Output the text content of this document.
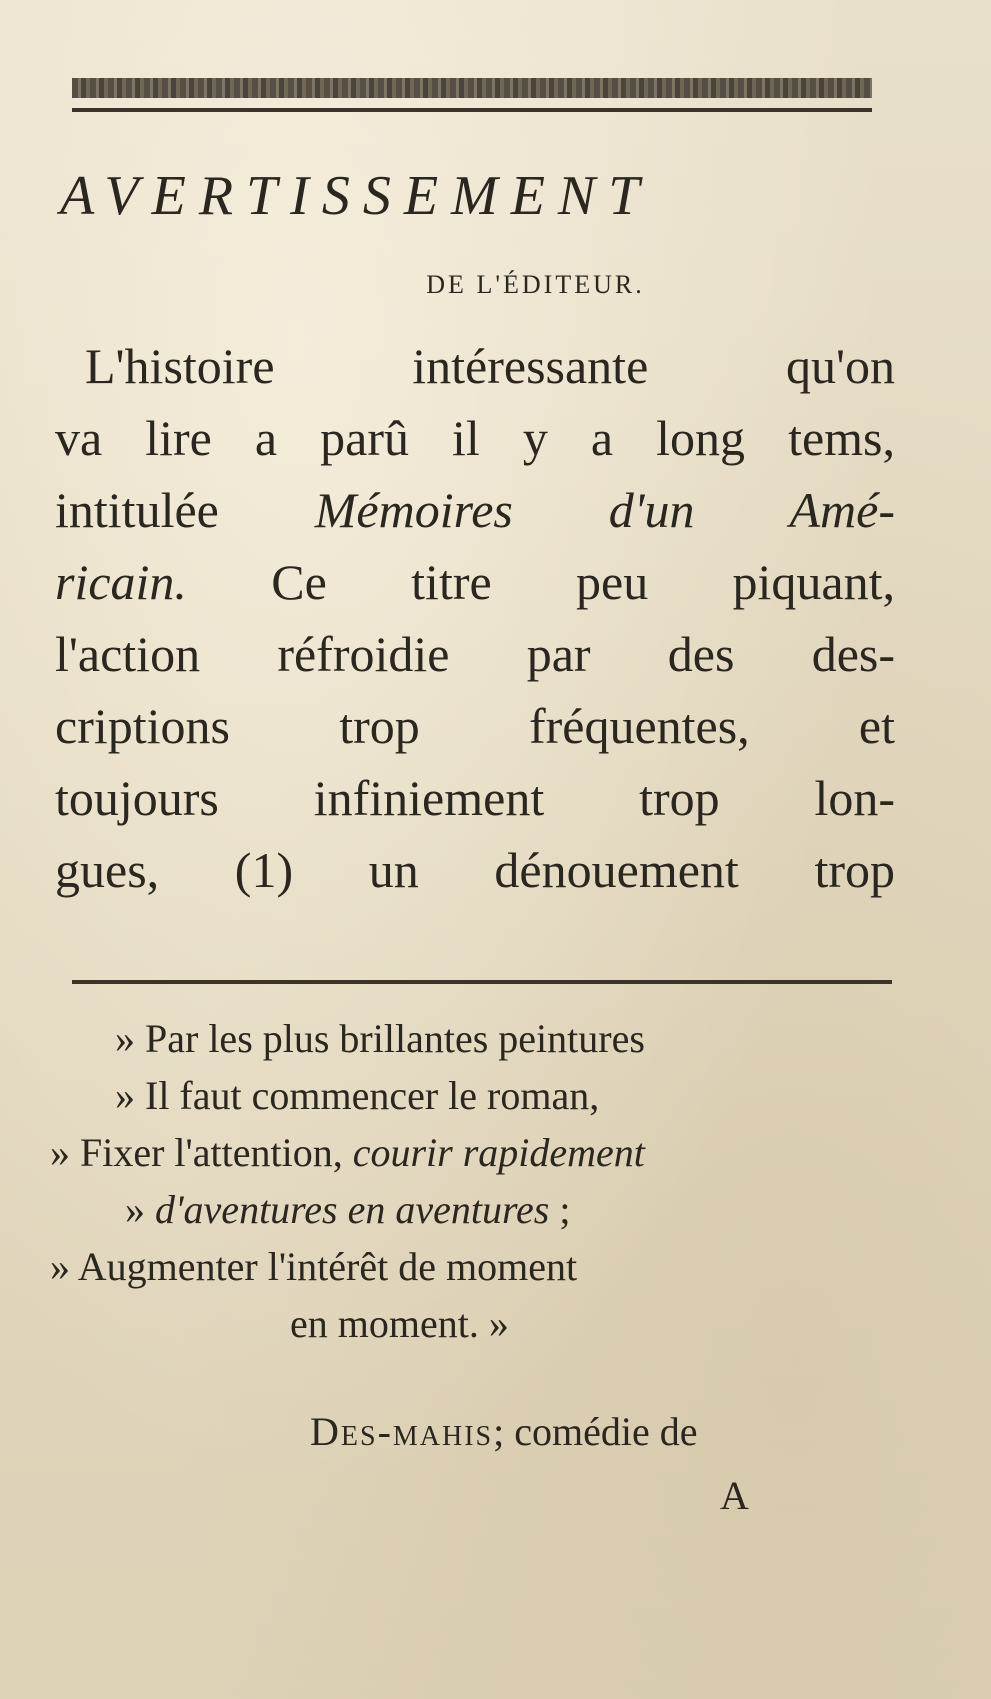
AVERTISSEMENT
DE L'ÉDITEUR.
L'histoire intéressante qu'on
va lire a parû il y a long tems,
intitulée Mémoires d'un Amé-
ricain. Ce titre peu piquant,
l'action réfroidie par des des-
criptions trop fréquentes, et
toujours infiniement trop lon-
gues, (1) un dénouement trop
» Par les plus brillantes peintures
» Il faut commencer le roman,
» Fixer l'attention, courir rapidement
» d'aventures en aventures ;
» Augmenter l'intérêt de moment
en moment. »
Des-mahis; comédie de
A
